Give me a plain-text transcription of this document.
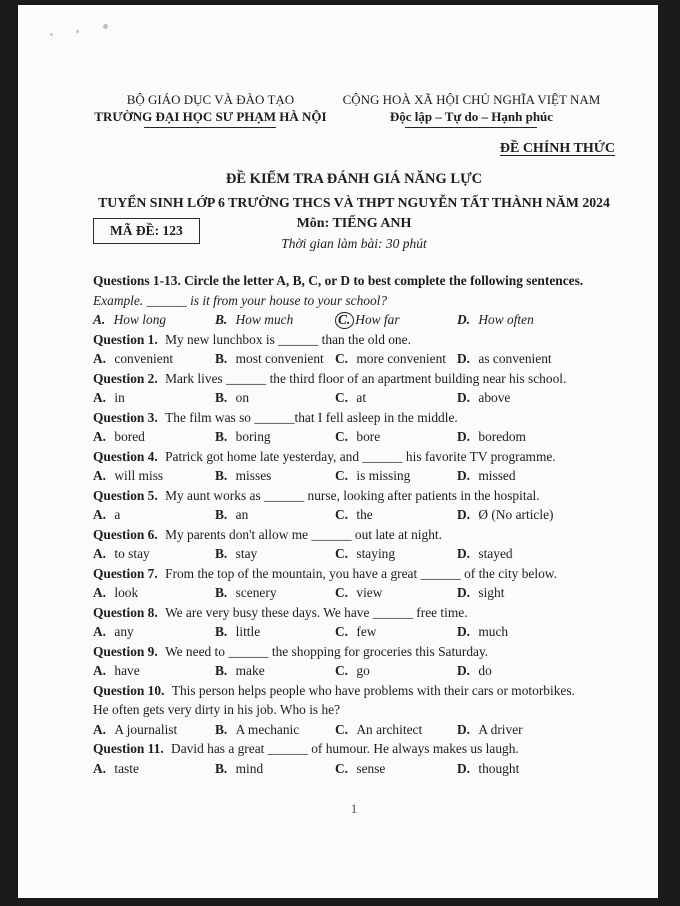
BỘ GIÁO DỤC VÀ ĐÀO TẠO
TRƯỜNG ĐẠI HỌC SƯ PHẠM HÀ NỘI
CỘNG HOÀ XÃ HỘI CHỦ NGHĨA VIỆT NAM
Độc lập – Tự do – Hạnh phúc
ĐỀ CHÍNH THỨC
ĐỀ KIỂM TRA ĐÁNH GIÁ NĂNG LỰC
TUYỂN SINH LỚP 6 TRƯỜNG THCS VÀ THPT NGUYỄN TẤT THÀNH NĂM 2024
MÃ ĐỀ: 123	Môn: TIẾNG ANH
Thời gian làm bài: 30 phút
Questions 1-13. Circle the letter A, B, C, or D to best complete the following sentences.
Example. ______ is it from your house to your school?
A. How long	B. How much	C. How far	D. How often
Question 1. My new lunchbox is ______ than the old one.
A. convenient	B. most convenient C. more convenient D. as convenient
Question 2. Mark lives ______ the third floor of an apartment building near his school.
A. in	B. on	C. at	D. above
Question 3. The film was so ______that I fell asleep in the middle.
A. bored	B. boring	C. bore	D. boredom
Question 4. Patrick got home late yesterday, and ______ his favorite TV programme.
A. will miss	B. misses	C. is missing	D. missed
Question 5. My aunt works as ______ nurse, looking after patients in the hospital.
A. a	B. an	C. the	D. Ø (No article)
Question 6. My parents don't allow me ______ out late at night.
A. to stay	B. stay	C. staying	D. stayed
Question 7. From the top of the mountain, you have a great ______ of the city below.
A. look	B. scenery	C. view	D. sight
Question 8. We are very busy these days. We have ______ free time.
A. any	B. little	C. few	D. much
Question 9. We need to ______ the shopping for groceries this Saturday.
A. have	B. make	C. go	D. do
Question 10. This person helps people who have problems with their cars or motorbikes.
He often gets very dirty in his job. Who is he?
A. A journalist	B. A mechanic	C. An architect	D. A driver
Question 11. David has a great ______ of humour. He always makes us laugh.
A. taste	B. mind	C. sense	D. thought
1
